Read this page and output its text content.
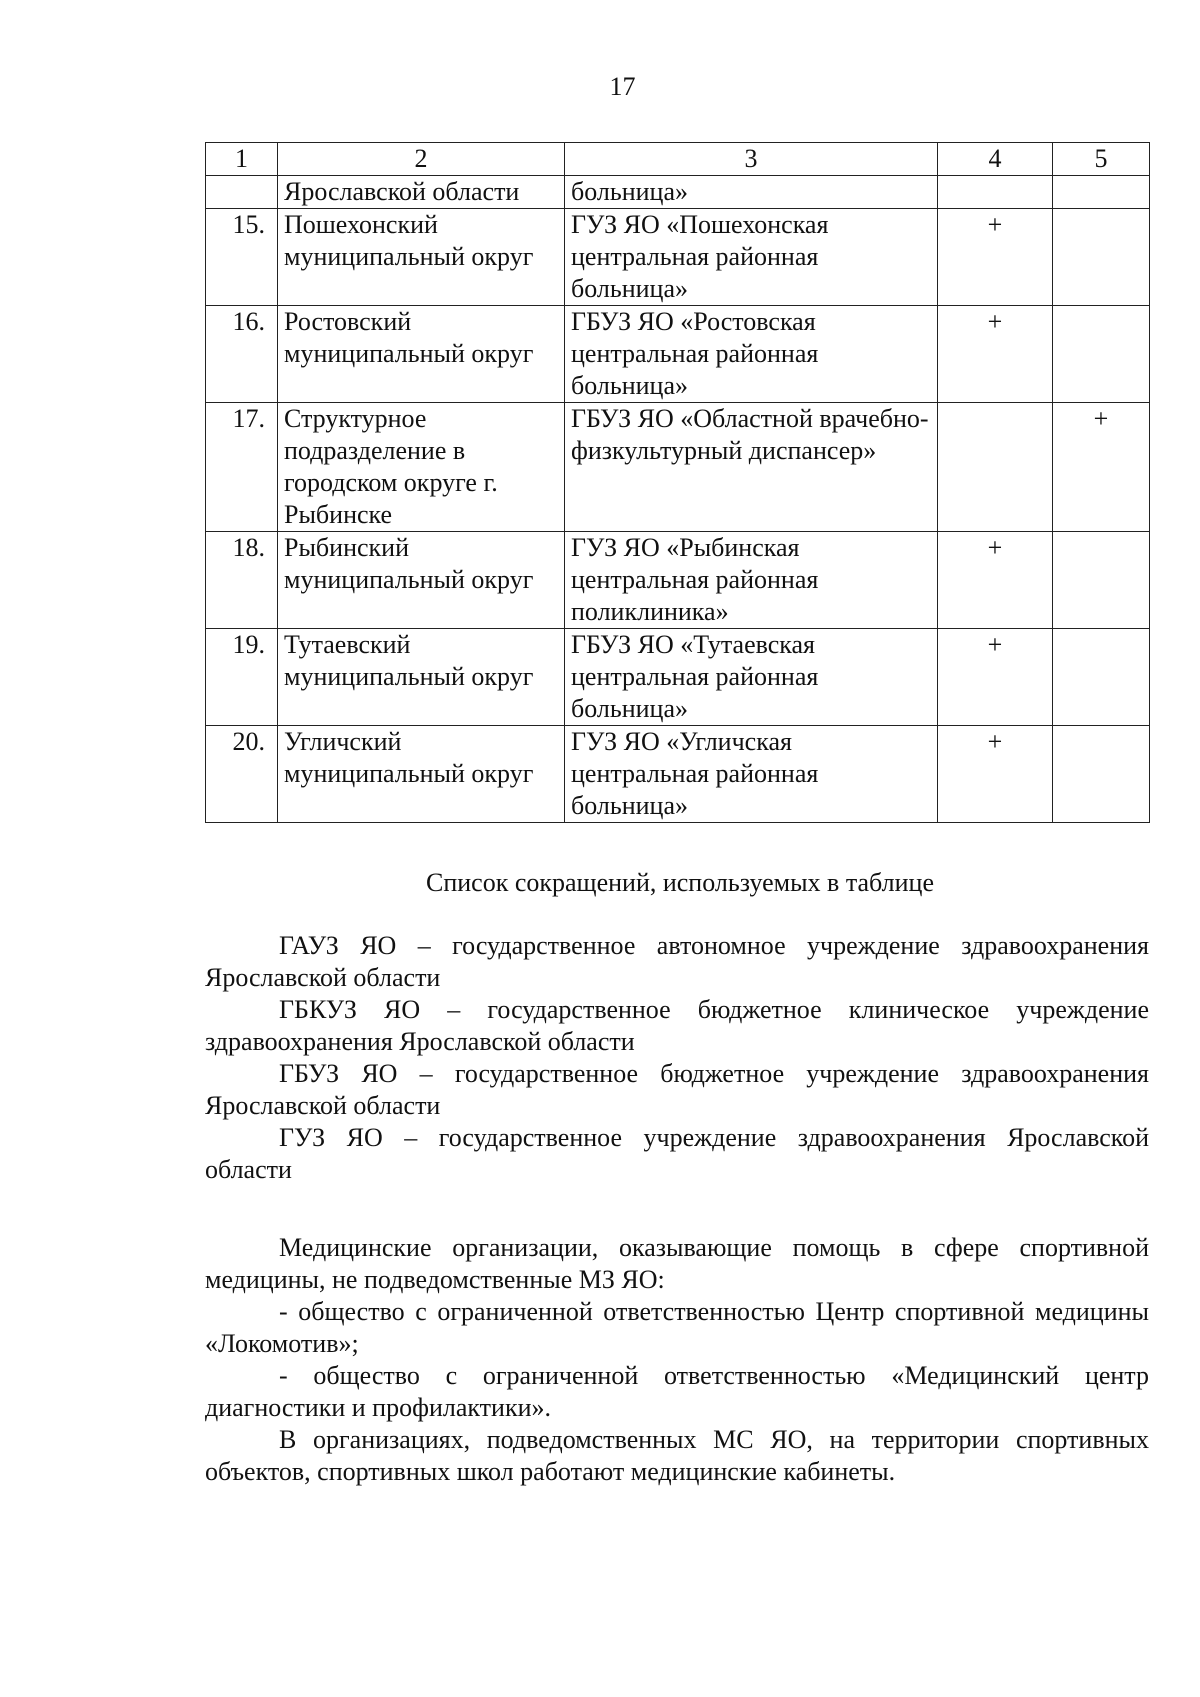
17
1	2	3	4	5
	Ярославской области	больница»		
15.	Пошехонский муниципальный округ	ГУЗ ЯО «Пошехонская центральная районная больница»	+	
16.	Ростовский муниципальный округ	ГБУЗ ЯО «Ростовская центральная районная больница»	+	
17.	Структурное подразделение в городском округе г. Рыбинске	ГБУЗ ЯО «Областной врачебно-физкультурный диспансер»		+
18.	Рыбинский муниципальный округ	ГУЗ ЯО «Рыбинская центральная районная поликлиника»	+	
19.	Тутаевский муниципальный округ	ГБУЗ ЯО «Тутаевская центральная районная больница»	+	
20.	Угличский муниципальный округ	ГУЗ ЯО «Угличская центральная районная больница»	+	
Список сокращений, используемых в таблице

ГАУЗ ЯО – государственное автономное учреждение здравоохранения Ярославской области

ГБКУЗ ЯО – государственное бюджетное клиническое учреждение здравоохранения Ярославской области

ГБУЗ ЯО – государственное бюджетное учреждение здравоохранения Ярославской области

ГУЗ ЯО – государственное учреждение здравоохранения Ярославской области

Медицинские организации, оказывающие помощь в сфере спортивной медицины, не подведомственные МЗ ЯО:

- общество с ограниченной ответственностью Центр спортивной медицины «Локомотив»;

- общество с ограниченной ответственностью «Медицинский центр диагностики и профилактики».

В организациях, подведомственных МС ЯО, на территории спортивных объектов, спортивных школ работают медицинские кабинеты.
